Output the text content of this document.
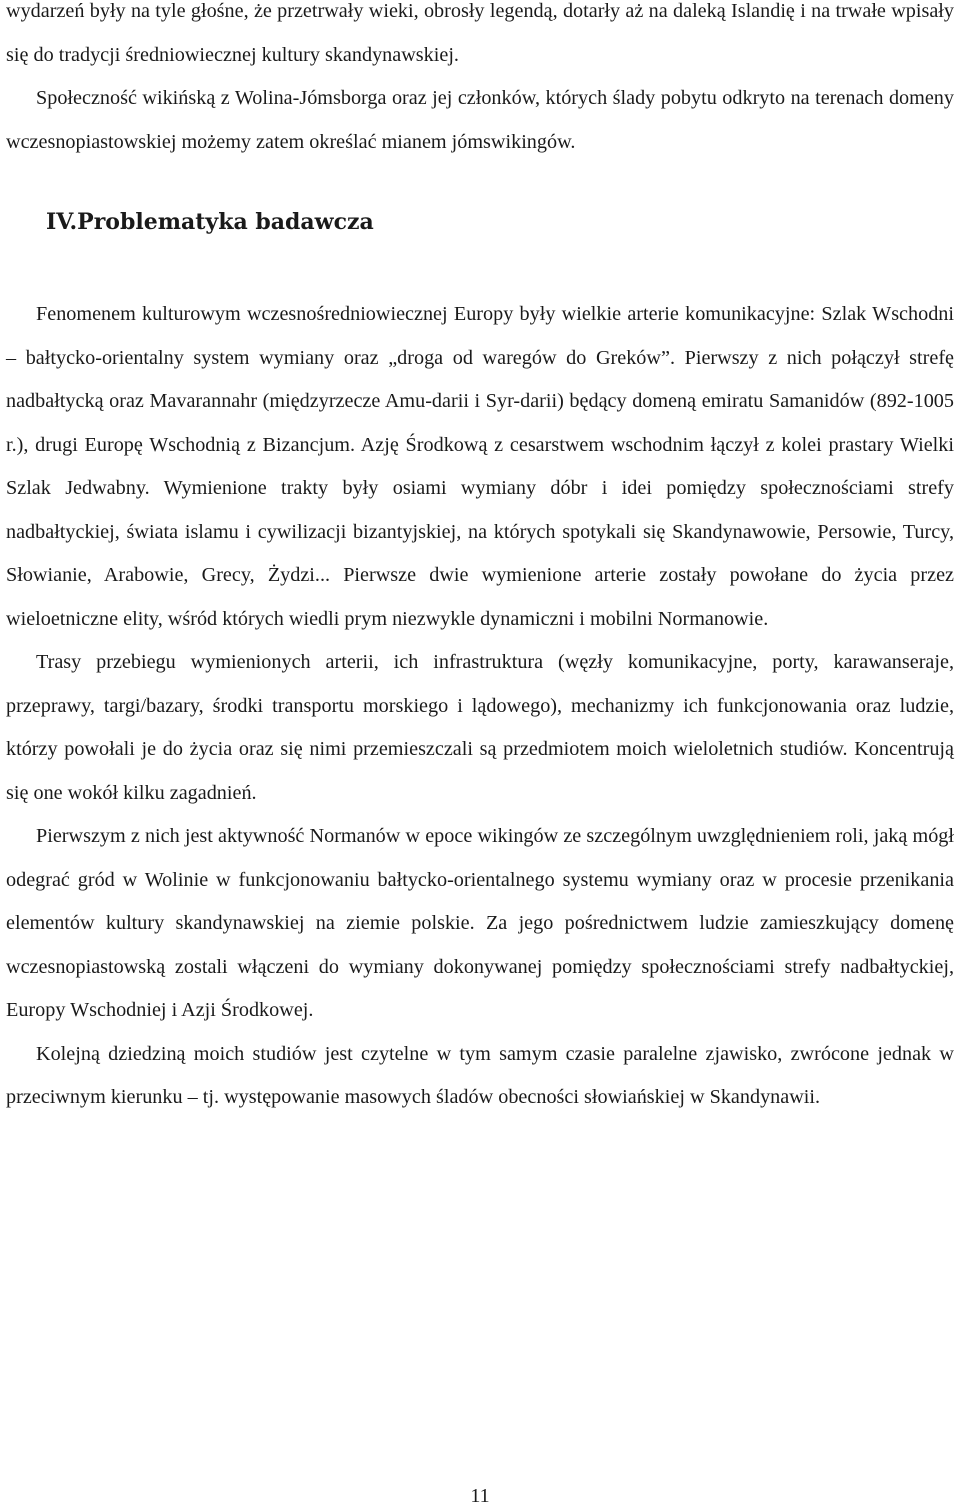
wydarzeń były na tyle głośne, że przetrwały wieki, obrosły legendą, dotarły aż na daleką Islandię i na trwałe wpisały się do tradycji średniowiecznej kultury skandynawskiej.

Społeczność wikińską z Wolina-Jómsborga oraz jej członków, których ślady pobytu odkryto na terenach domeny wczesnopiastowskiej możemy zatem określać mianem jómswikingów.

IV.Problematyka badawcza

Fenomenem kulturowym wczesnośredniowiecznej Europy były wielkie arterie komunikacyjne: Szlak Wschodni – bałtycko-orientalny system wymiany oraz „droga od waregów do Greków”. Pierwszy z nich połączył strefę nadbałtycką oraz Mavarannahr (międzyrzecze Amu-darii i Syr-darii) będący domeną emiratu Samanidów (892-1005 r.), drugi Europę Wschodnią z Bizancjum. Azję Środkową z cesarstwem wschodnim łączył z kolei prastary Wielki Szlak Jedwabny. Wymienione trakty były osiami wymiany dóbr i idei pomiędzy społecznościami strefy nadbałtyckiej, świata islamu i cywilizacji bizantyjskiej, na których spotykali się Skandynawowie, Persowie, Turcy, Słowianie, Arabowie, Grecy, Żydzi... Pierwsze dwie wymienione arterie zostały powołane do życia przez wieloetniczne elity, wśród których wiedli prym niezwykle dynamiczni i mobilni Normanowie.

Trasy przebiegu wymienionych arterii, ich infrastruktura (węzły komunikacyjne, porty, karawanseraje, przeprawy, targi/bazary, środki transportu morskiego i lądowego), mechanizmy ich funkcjonowania oraz ludzie, którzy powołali je do życia oraz się nimi przemieszczali są przedmiotem moich wieloletnich studiów. Koncentrują się one wokół kilku zagadnień.

Pierwszym z nich jest aktywność Normanów w epoce wikingów ze szczególnym uwzględnieniem roli, jaką mógł odegrać gród w Wolinie w funkcjonowaniu bałtycko-orientalnego systemu wymiany oraz w procesie przenikania elementów kultury skandynawskiej na ziemie polskie. Za jego pośrednictwem ludzie zamieszkujący domenę wczesnopiastowską zostali włączeni do wymiany dokonywanej pomiędzy społecznościami strefy nadbałtyckiej, Europy Wschodniej i Azji Środkowej.

Kolejną dziedziną moich studiów jest czytelne w tym samym czasie paralelne zjawisko, zwrócone jednak w przeciwnym kierunku – tj. występowanie masowych śladów obecności słowiańskiej w Skandynawii.

11
